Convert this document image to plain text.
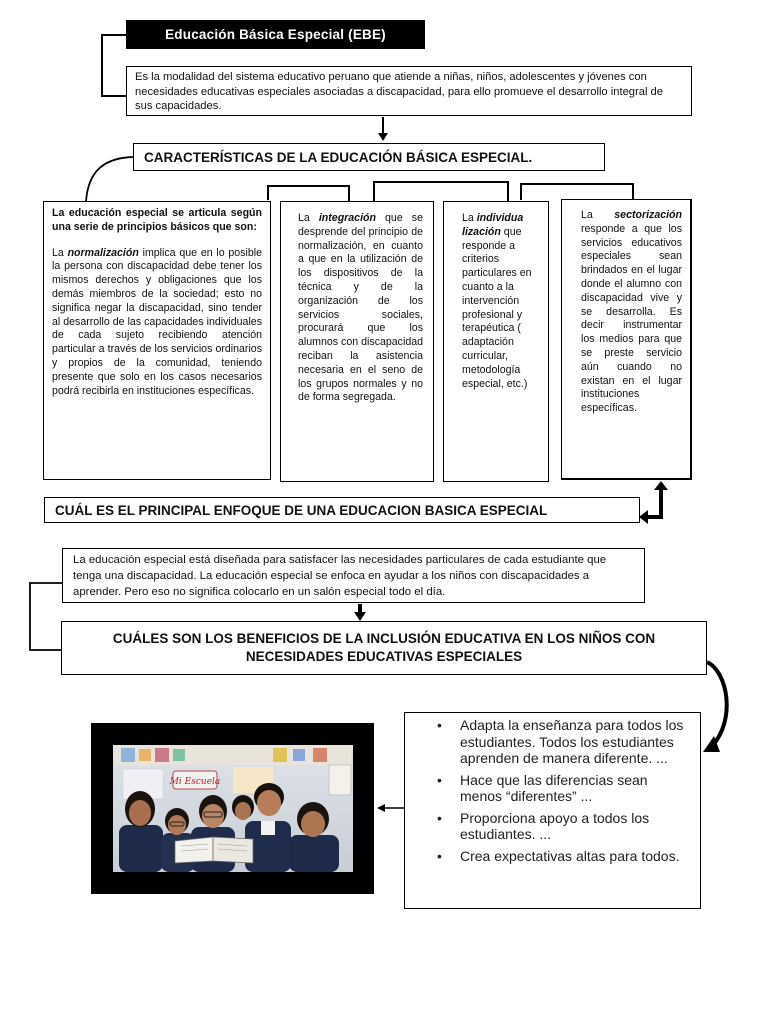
Educación Básica Especial (EBE)
Es la modalidad del sistema educativo peruano que atiende a niñas, niños, adolescentes y jóvenes con necesidades educativas especiales asociadas a discapacidad, para ello promueve el desarrollo integral de sus capacidades.
CARACTERÍSTICAS DE LA EDUCACIÓN BÁSICA ESPECIAL.
La educación especial se articula según una serie de principios básicos que son:
La normalización implica que en lo posible la persona con discapacidad debe tener los mismos derechos y obligaciones que los demás miembros de la sociedad; esto no significa negar la discapacidad, sino tender al desarrollo de las capacidades individuales de cada sujeto recibiendo atención particular a través de los servicios ordinarios y propios de la comunidad, teniendo presente que solo en los casos necesarios podrá recibirla en instituciones específicas.
La integración que se desprende del principio de normalización, en cuanto a que en la utilización de los dispositivos de la técnica y de la organización de los servicios sociales, procurará que los alumnos con discapacidad reciban la asistencia necesaria en el seno de los grupos normales y no de forma segregada.
La individua lización que responde a criterios particulares en cuanto a la intervención profesional y terapéutica ( adaptación curricular, metodología especial, etc.)
La sectorización responde a que los servicios educativos especiales sean brindados en el lugar donde el alumno con discapacidad vive y se desarrolla. Es decir instrumentar los medios para que se preste servicio aún cuando no existan en el lugar instituciones específicas.
CUÁL ES EL PRINCIPAL ENFOQUE DE UNA EDUCACION BASICA ESPECIAL
La educación especial está diseñada para satisfacer las necesidades particulares de cada estudiante que tenga una discapacidad. La educación especial se enfoca en ayudar a los niños con discapacidades a aprender. Pero eso no significa colocarlo en un salón especial todo el día.
CUÁLES SON LOS BENEFICIOS DE LA INCLUSIÓN EDUCATIVA EN LOS NIÑOS CON NECESIDADES EDUCATIVAS ESPECIALES
Mi Escuela
• Adapta la enseñanza para todos los estudiantes. Todos los estudiantes aprenden de manera diferente. ...
• Hace que las diferencias sean menos “diferentes” ...
• Proporciona apoyo a todos los estudiantes. ...
• Crea expectativas altas para todos.
